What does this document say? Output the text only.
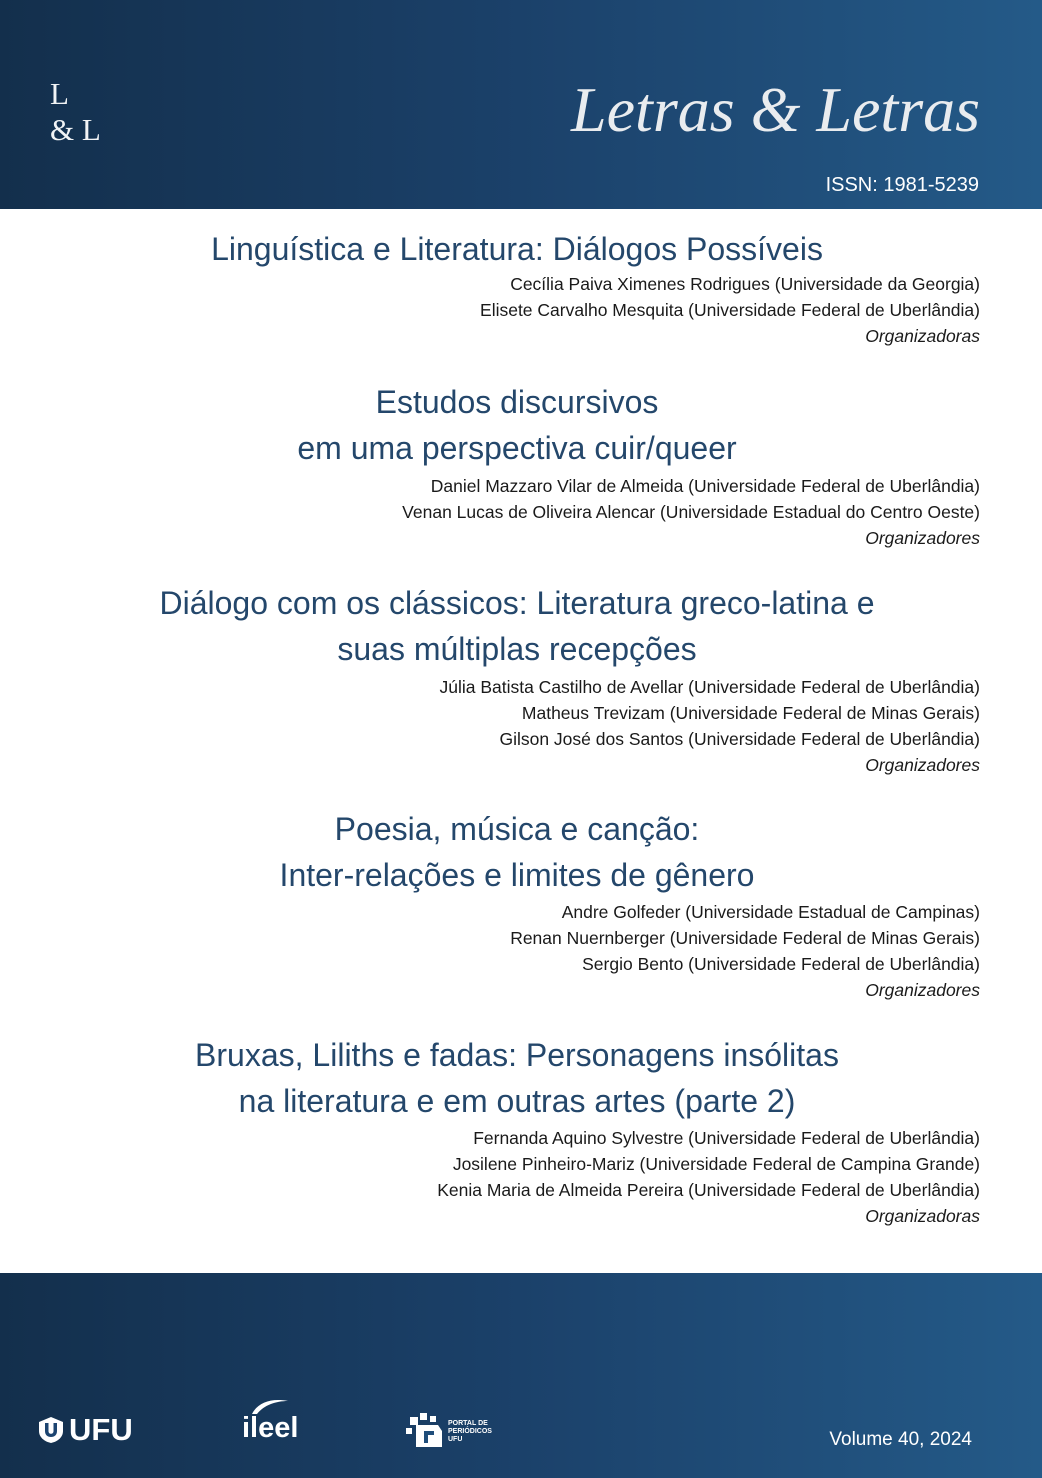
L
& L	Letras & Letras
ISSN: 1981-5239
Linguística e Literatura: Diálogos Possíveis
Cecília Paiva Ximenes Rodrigues (Universidade da Georgia)
Elisete Carvalho Mesquita (Universidade Federal de Uberlândia)
Organizadoras
Estudos discursivos
em uma perspectiva cuir/queer
Daniel Mazzaro Vilar de Almeida (Universidade Federal de Uberlândia)
Venan Lucas de Oliveira Alencar (Universidade Estadual do Centro Oeste)
Organizadores
Diálogo com os clássicos: Literatura greco-latina e
suas múltiplas recepções
Júlia Batista Castilho de Avellar (Universidade Federal de Uberlândia)
Matheus Trevizam (Universidade Federal de Minas Gerais)
Gilson José dos Santos (Universidade Federal de Uberlândia)
Organizadores
Poesia, música e canção:
Inter-relações e limites de gênero
Andre Golfeder (Universidade Estadual de Campinas)
Renan Nuernberger (Universidade Federal de Minas Gerais)
Sergio Bento (Universidade Federal de Uberlândia)
Organizadores
Bruxas, Liliths e fadas: Personagens insólitas
na literatura e em outras artes (parte 2)
Fernanda Aquino Sylvestre (Universidade Federal de Uberlândia)
Josilene Pinheiro-Mariz (Universidade Federal de Campina Grande)
Kenia Maria de Almeida Pereira (Universidade Federal de Uberlândia)
Organizadoras
UFU	ileel	PORTAL DE
PERIÓDICOS
UFU	Volume 40, 2024
